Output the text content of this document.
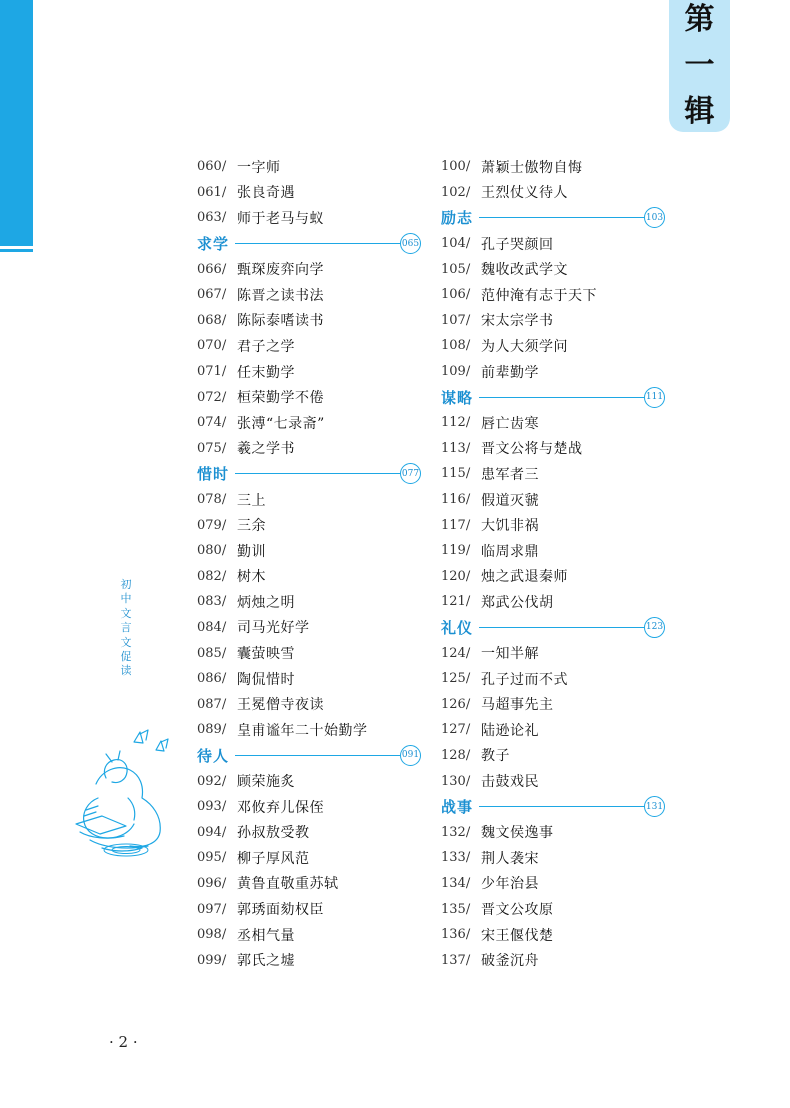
第
一
辑
060/ 一字师
061/ 张良奇遇
063/ 师于老马与蚁
求学	065
066/ 甄琛废弈向学
067/ 陈晋之读书法
068/ 陈际泰嗜读书
070/ 君子之学
071/ 任末勤学
072/ 桓荣勤学不倦
074/ 张溥“七录斋”
075/ 羲之学书
惜时	077
078/ 三上
079/ 三余
080/ 勤训
082/ 树木
083/ 炳烛之明
084/ 司马光好学
085/ 囊萤映雪
086/ 陶侃惜时
087/ 王冕僧寺夜读
089/ 皇甫谧年二十始勤学
待人	091
092/ 顾荣施炙
093/ 邓攸弃儿保侄
094/ 孙叔敖受教
095/ 柳子厚风范
096/ 黄鲁直敬重苏轼
097/ 郭琇面劾权臣
098/ 丞相气量
099/ 郭氏之墟
100/ 萧颖士傲物自悔
102/ 王烈仗义待人
励志	103
104/ 孔子哭颜回
105/ 魏收改武学文
106/ 范仲淹有志于天下
107/ 宋太宗学书
108/ 为人大须学问
109/ 前辈勤学
谋略	111
112/ 唇亡齿寒
113/ 晋文公将与楚战
115/ 患军者三
116/ 假道灭虢
117/ 大饥非祸
119/ 临周求鼎
120/ 烛之武退秦师
121/ 郑武公伐胡
礼仪	123
124/ 一知半解
125/ 孔子过而不式
126/ 马超事先主
127/ 陆逊论礼
128/ 教子
130/ 击鼓戏民
战事	131
132/ 魏文侯逸事
133/ 荆人袭宋
134/ 少年治县
135/ 晋文公攻原
136/ 宋王偃伐楚
137/ 破釜沉舟
初
中
文
言
文
促
读
· 2 ·
